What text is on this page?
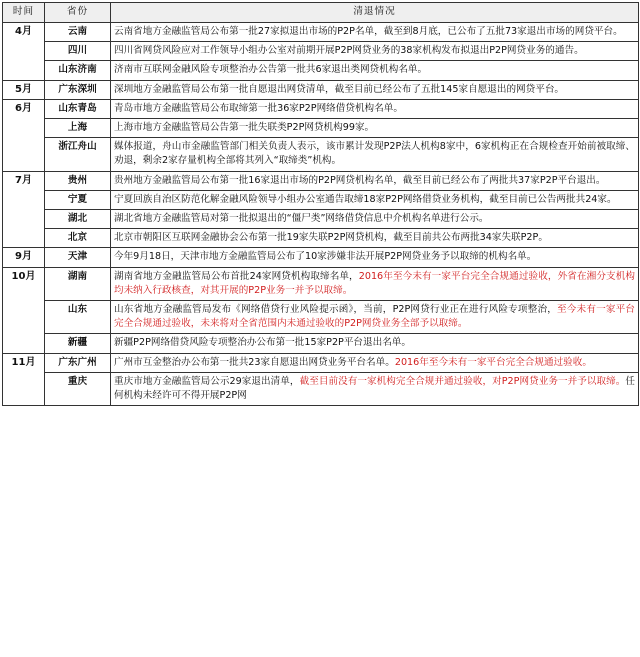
时间	省份	清退情况
4月	云南	云南省地方金融监管局公布第一批27家拟退出市场的P2P名单，截至到8月底，已公布了五批73家退出市场的网贷平台。
	四川	四川省网贷风险应对工作领导小组办公室对前期开展P2P网贷业务的38家机构发布拟退出P2P网贷业务的通告。
	山东济南	济南市互联网金融风险专项整治办公告第一批共6家退出类网贷机构名单。
5月	广东深圳	深圳地方金融监管局公布第一批自愿退出网贷清单，截至目前已经公布了五批145家自愿退出的网贷平台。
6月	山东青岛	青岛市地方金融监管局公布取缔第一批36家P2P网络借贷机构名单。
	上海	上海市地方金融监管局公告第一批失联类P2P网贷机构99家。
	浙江舟山	媒体报道，舟山市金融监管部门相关负责人表示，该市累计发现P2P法人机构8家中，6家机构正在合规检查开始前被取缔、劝退，剩余2家存量机构全部将其列入“取缔类”机构。
7月	贵州	贵州地方金融监管局公布第一批16家退出市场的P2P网贷机构名单，截至目前已经公布了两批共37家P2P平台退出。
	宁夏	宁夏回族自治区防范化解金融风险领导小组办公室通告取缔18家P2P网络借贷业务机构，截至目前已公告两批共24家。
	湖北	湖北省地方金融监管局对第一批拟退出的“僵尸类”网络借贷信息中介机构名单进行公示。
	北京	北京市朝阳区互联网金融协会公布第一批19家失联P2P网贷机构，截至目前共公布两批34家失联P2P。
9月	天津	今年9月18日，天津市地方金融监管局公布了10家涉嫌非法开展P2P网贷业务予以取缔的机构名单。
10月	湖南	湖南省地方金融监管局公布首批24家网贷机构取缔名单，2016年至今未有一家平台完全合规通过验收，外省在湘分支机构均未纳入行政核查，对其开展的P2P业务一并予以取缔。
	山东	山东省地方金融监管局发布《网络借贷行业风险提示函》，当前，P2P网贷行业正在进行风险专项整治，至今未有一家平台完全合规通过验收，未来将对全省范围内未通过验收的P2P网贷业务全部予以取缔。
	新疆	新疆P2P网络借贷风险专项整治办公布第一批15家P2P平台退出名单。
11月	广东广州	广州市互金整治办公布第一批共23家自愿退出网贷业务平台名单。2016年至今未有一家平台完全合规通过验收。
	重庆	重庆市地方金融监管局公示29家退出清单，截至目前没有一家机构完全合规并通过验收，对P2P网贷业务一并予以取缔。任何机构未经许可不得开展P2P网
